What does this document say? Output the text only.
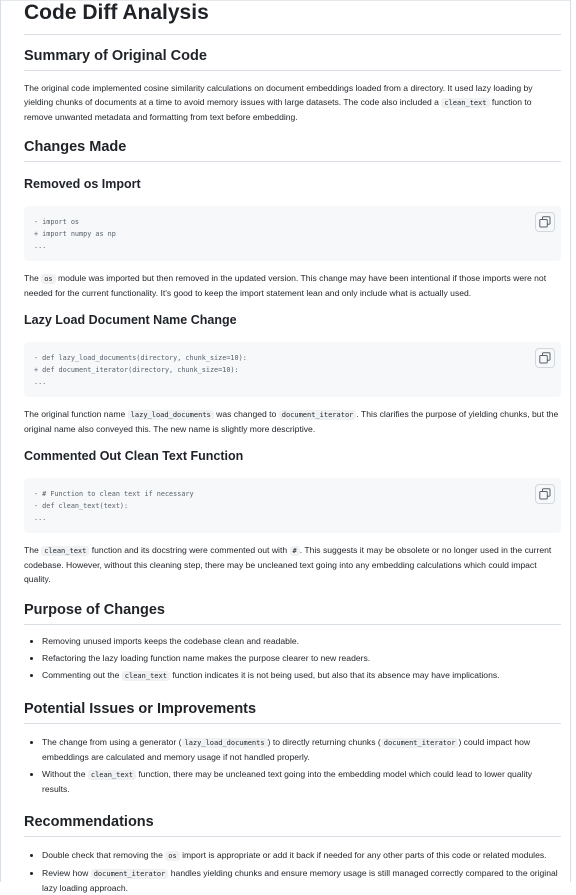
Code Diff Analysis
Summary of Original Code

The original code implemented cosine similarity calculations on document embeddings loaded from a directory. It used lazy loading by yielding chunks of documents at a time to avoid memory issues with large datasets. The code also included a clean_text function to remove unwanted metadata and formatting from text before embedding.

Changes Made
Removed os Import
- import os
+ import numpy as np
...

The os module was imported but then removed in the updated version. This change may have been intentional if those imports were not needed for the current functionality. It's good to keep the import statement lean and only include what is actually used.

Lazy Load Document Name Change
- def lazy_load_documents(directory, chunk_size=10):
+ def document_iterator(directory, chunk_size=10):
...

The original function name lazy_load_documents was changed to document_iterator . This clarifies the purpose of yielding chunks, but the original name also conveyed this. The new name is slightly more descriptive.

Commented Out Clean Text Function
- # Function to clean text if necessary
- def clean_text(text):
...

The clean_text function and its docstring were commented out with # . This suggests it may be obsolete or no longer used in the current codebase. However, without this cleaning step, there may be uncleaned text going into any embedding calculations which could impact quality.

Purpose of Changes
• Removing unused imports keeps the codebase clean and readable.
• Refactoring the lazy loading function name makes the purpose clearer to new readers.
• Commenting out the clean_text function indicates it is not being used, but also that its absence may have implications.
Potential Issues or Improvements
• The change from using a generator ( lazy_load_documents ) to directly returning chunks ( document_iterator ) could impact how embeddings are calculated and memory usage if not handled properly.
• Without the clean_text function, there may be uncleaned text going into the embedding model which could lead to lower quality results.
Recommendations
• Double check that removing the os import is appropriate or add it back if needed for any other parts of this code or related modules.
• Review how document_iterator handles yielding chunks and ensure memory usage is still managed correctly compared to the original lazy loading approach.
